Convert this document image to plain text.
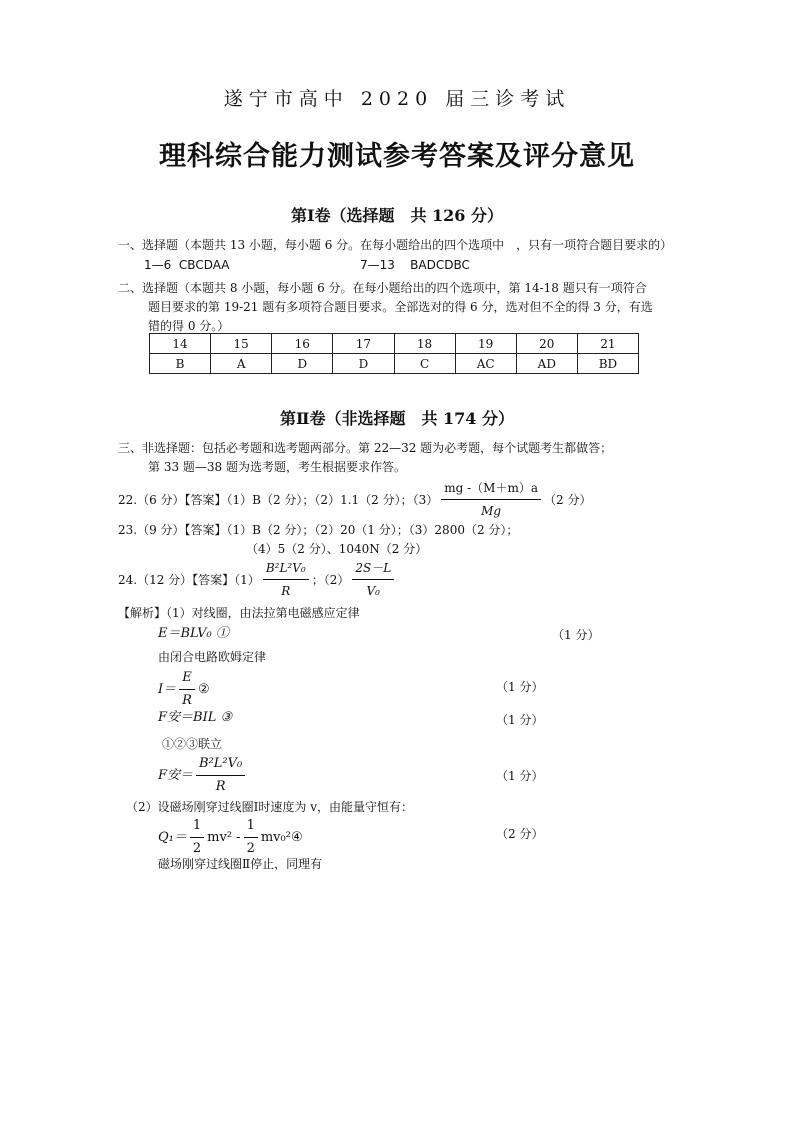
遂宁市高中 2020 届三诊考试
理科综合能力测试参考答案及评分意见
第Ⅰ卷（选择题　共 126 分）
一、选择题（本题共 13 小题，每小题 6 分。在每小题给出的四个选项中　，只有一项符合题目要求的）
1—6 CBCDAA	7—13 BADCDBC
二、选择题（本题共 8 小题，每小题 6 分。在每小题给出的四个选项中，第 14-18 题只有一项符合
题目要求的第 19-21 题有多项符合题目要求。全部选对的得 6 分，选对但不全的得 3 分，有选
错的得 0 分。）
14	15	16	17	18	19	20	21
B	A	D	D	C	AC	AD	BD
第Ⅱ卷（非选择题　共 174 分）
三、非选择题：包括必考题和选考题两部分。第 22—32 题为必考题，每个试题考生都做答；
第 33 题—38 题为选考题，考生根据要求作答。
22.（6 分）【答案】（1）B（2 分）；（2）1.1（2 分）；$(3) \frac{mg -(M+m)a}{Mg} (2$ 分）
23.（9 分）【答案】（1）B（2 分）；（2）20（1 分）；（3）2800（2 分）；
（4）5（2 分）、1040N（2 分）
24.（12 分）【答案】$(1) \frac{\text{B²L²V₀}}{R}$ ；$(2) \frac{2S-L}{\text{V₀}}$
【解析】（1）对线圈，由法拉第电磁感应定律
E＝BLV₀ ①	（1 分）
由闭合电路欧姆定律
$I= \frac{E}{R}$ ②	（1 分）
F安＝BIL ③	（1 分）
①②③联立
F安＝ $\frac{\text{B²L²V₀}}{R}$	（1 分）
（2）设磁场刚穿过线圈Ⅰ时速度为 v，由能量守恒有：
$Q_1= \frac{1}{2} mv^2 - \frac{1}{2}$ mv₀²④	（2 分）
磁场刚穿过线圈Ⅱ停止，同理有
